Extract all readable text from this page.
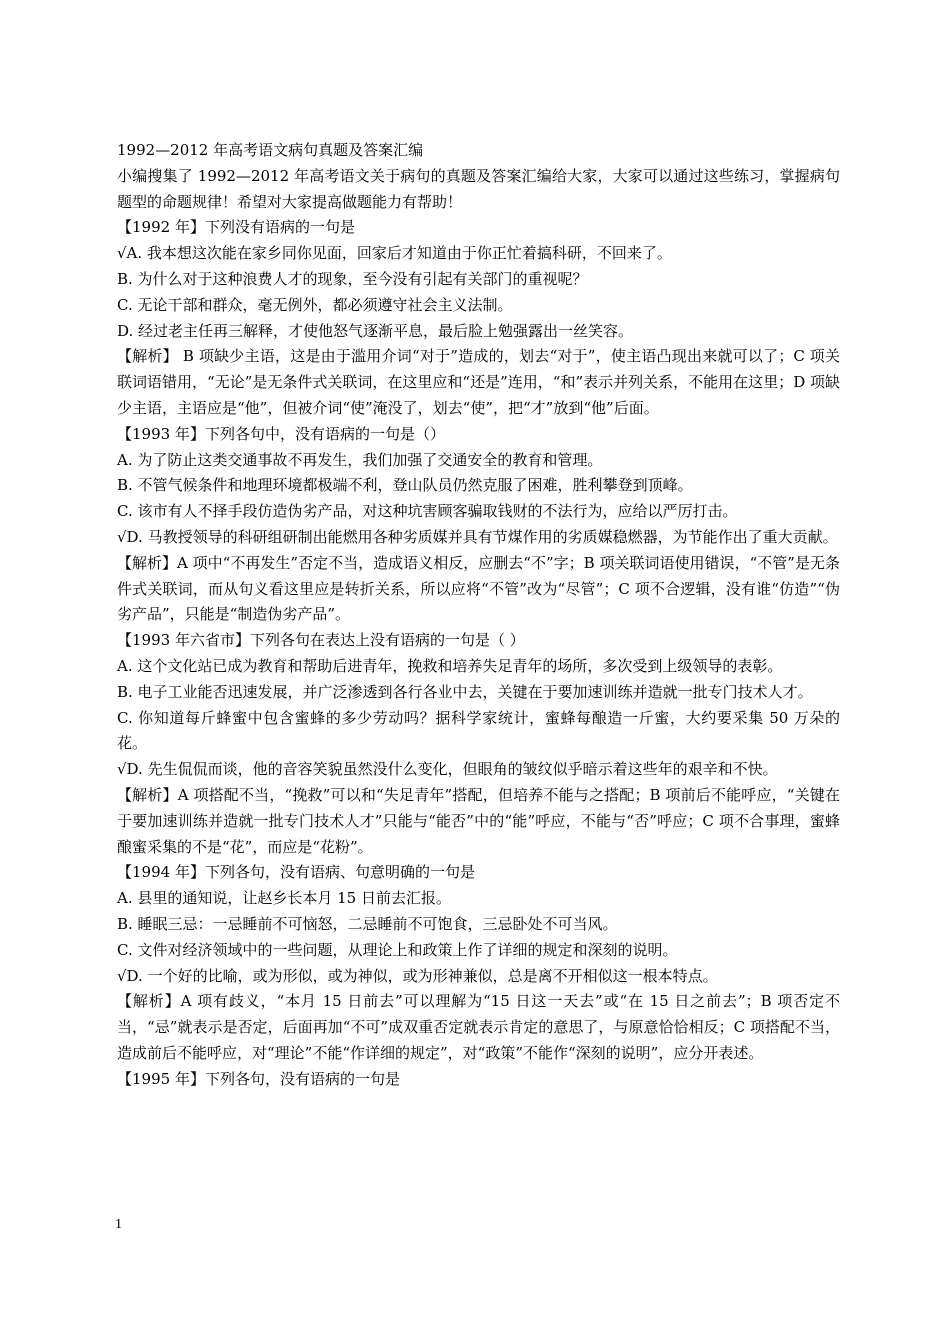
1992—2012 年高考语文病句真题及答案汇编

小编搜集了 1992—2012 年高考语文关于病句的真题及答案汇编给大家，大家可以通过这些练习，掌握病句题型的命题规律！希望对大家提高做题能力有帮助！

【1992 年】下列没有语病的一句是

√A. 我本想这次能在家乡同你见面，回家后才知道由于你正忙着搞科研，不回来了。

B. 为什么对于这种浪费人才的现象，至今没有引起有关部门的重视呢？

C. 无论干部和群众，毫无例外，都必须遵守社会主义法制。

D. 经过老主任再三解释，才使他怒气逐渐平息，最后脸上勉强露出一丝笑容。

【解析】 B 项缺少主语，这是由于滥用介词“对于”造成的，划去“对于”，使主语凸现出来就可以了；C 项关联词语错用，“无论”是无条件式关联词，在这里应和“还是”连用，“和”表示并列关系，不能用在这里；D 项缺少主语，主语应是“他”，但被介词“使”淹没了，划去“使”，把“才”放到“他”后面。

【1993 年】下列各句中，没有语病的一句是（）

A. 为了防止这类交通事故不再发生，我们加强了交通安全的教育和管理。

B. 不管气候条件和地理环境都极端不利，登山队员仍然克服了困难，胜利攀登到顶峰。

C. 该市有人不择手段仿造伪劣产品，对这种坑害顾客骗取钱财的不法行为，应给以严厉打击。

√D. 马教授领导的科研组研制出能燃用各种劣质媒并具有节煤作用的劣质媒稳燃器，为节能作出了重大贡献。

【解析】A 项中“不再发生”否定不当，造成语义相反，应删去“不”字；B 项关联词语使用错误，“不管”是无条件式关联词，而从句义看这里应是转折关系，所以应将“不管”改为“尽管”；C 项不合逻辑，没有谁“仿造”“伪劣产品”，只能是“制造伪劣产品”。

【1993 年六省市】下列各句在表达上没有语病的一句是（ ）

A. 这个文化站已成为教育和帮助后进青年，挽救和培养失足青年的场所，多次受到上级领导的表彰。

B. 电子工业能否迅速发展，并广泛渗透到各行各业中去，关键在于要加速训练并造就一批专门技术人才。

C. 你知道每斤蜂蜜中包含蜜蜂的多少劳动吗？据科学家统计，蜜蜂每酿造一斤蜜，大约要采集 50 万朵的花。

√D. 先生侃侃而谈，他的音容笑貌虽然没什么变化，但眼角的皱纹似乎暗示着这些年的艰辛和不快。

【解析】A 项搭配不当，“挽救”可以和“失足青年”搭配，但培养不能与之搭配；B 项前后不能呼应，“关键在于要加速训练并造就一批专门技术人才”只能与“能否”中的“能”呼应，不能与“否”呼应；C 项不合事理，蜜蜂酿蜜采集的不是“花”，而应是“花粉”。

【1994 年】下列各句，没有语病、句意明确的一句是

A. 县里的通知说，让赵乡长本月 15 日前去汇报。

B. 睡眠三忌：一忌睡前不可恼怒，二忌睡前不可饱食，三忌卧处不可当风。

C. 文件对经济领域中的一些问题，从理论上和政策上作了详细的规定和深刻的说明。

√D. 一个好的比喻，或为形似，或为神似，或为形神兼似，总是离不开相似这一根本特点。

【解析】A 项有歧义，“本月 15 日前去”可以理解为“15 日这一天去”或“在 15 日之前去”；B 项否定不当，“忌”就表示是否定，后面再加“不可”成双重否定就表示肯定的意思了，与原意恰恰相反；C 项搭配不当，造成前后不能呼应，对“理论”不能“作详细的规定”，对“政策”不能作“深刻的说明”，应分开表述。

【1995 年】下列各句，没有语病的一句是

1
